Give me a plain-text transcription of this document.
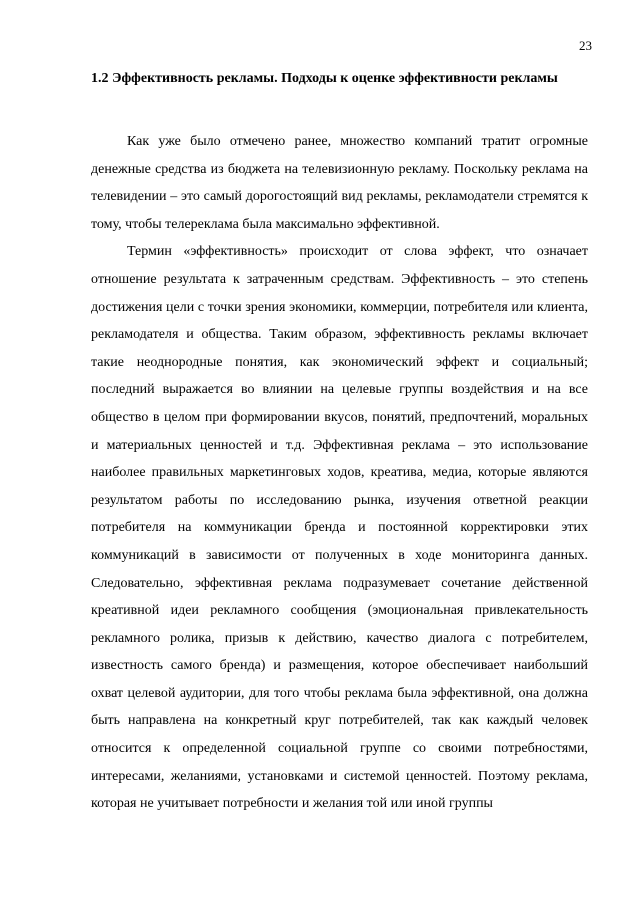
23
1.2 Эффективность рекламы. Подходы к оценке эффективности рекламы

Как уже было отмечено ранее, множество компаний тратит огромные денежные средства из бюджета на телевизионную рекламу. Поскольку реклама на телевидении – это самый дорогостоящий вид рекламы, рекламодатели стремятся к тому, чтобы телереклама была максимально эффективной.

Термин «эффективность» происходит от слова эффект, что означает отношение результата к затраченным средствам. Эффективность – это степень достижения цели с точки зрения экономики, коммерции, потребителя или клиента, рекламодателя и общества. Таким образом, эффективность рекламы включает такие неоднородные понятия, как экономический эффект и социальный; последний выражается во влиянии на целевые группы воздействия и на все общество в целом при формировании вкусов, понятий, предпочтений, моральных и материальных ценностей и т.д. Эффективная реклама – это использование наиболее правильных маркетинговых ходов, креатива, медиа, которые являются результатом работы по исследованию рынка, изучения ответной реакции потребителя на коммуникации бренда и постоянной корректировки этих коммуникаций в зависимости от полученных в ходе мониторинга данных. Следовательно, эффективная реклама подразумевает сочетание действенной креативной идеи рекламного сообщения (эмоциональная привлекательность рекламного ролика, призыв к действию, качество диалога с потребителем, известность самого бренда) и размещения, которое обеспечивает наибольший охват целевой аудитории, для того чтобы реклама была эффективной, она должна быть направлена на конкретный круг потребителей, так как каждый человек относится к определенной социальной группе со своими потребностями, интересами, желаниями, установками и системой ценностей. Поэтому реклама, которая не учитывает потребности и желания той или иной группы
